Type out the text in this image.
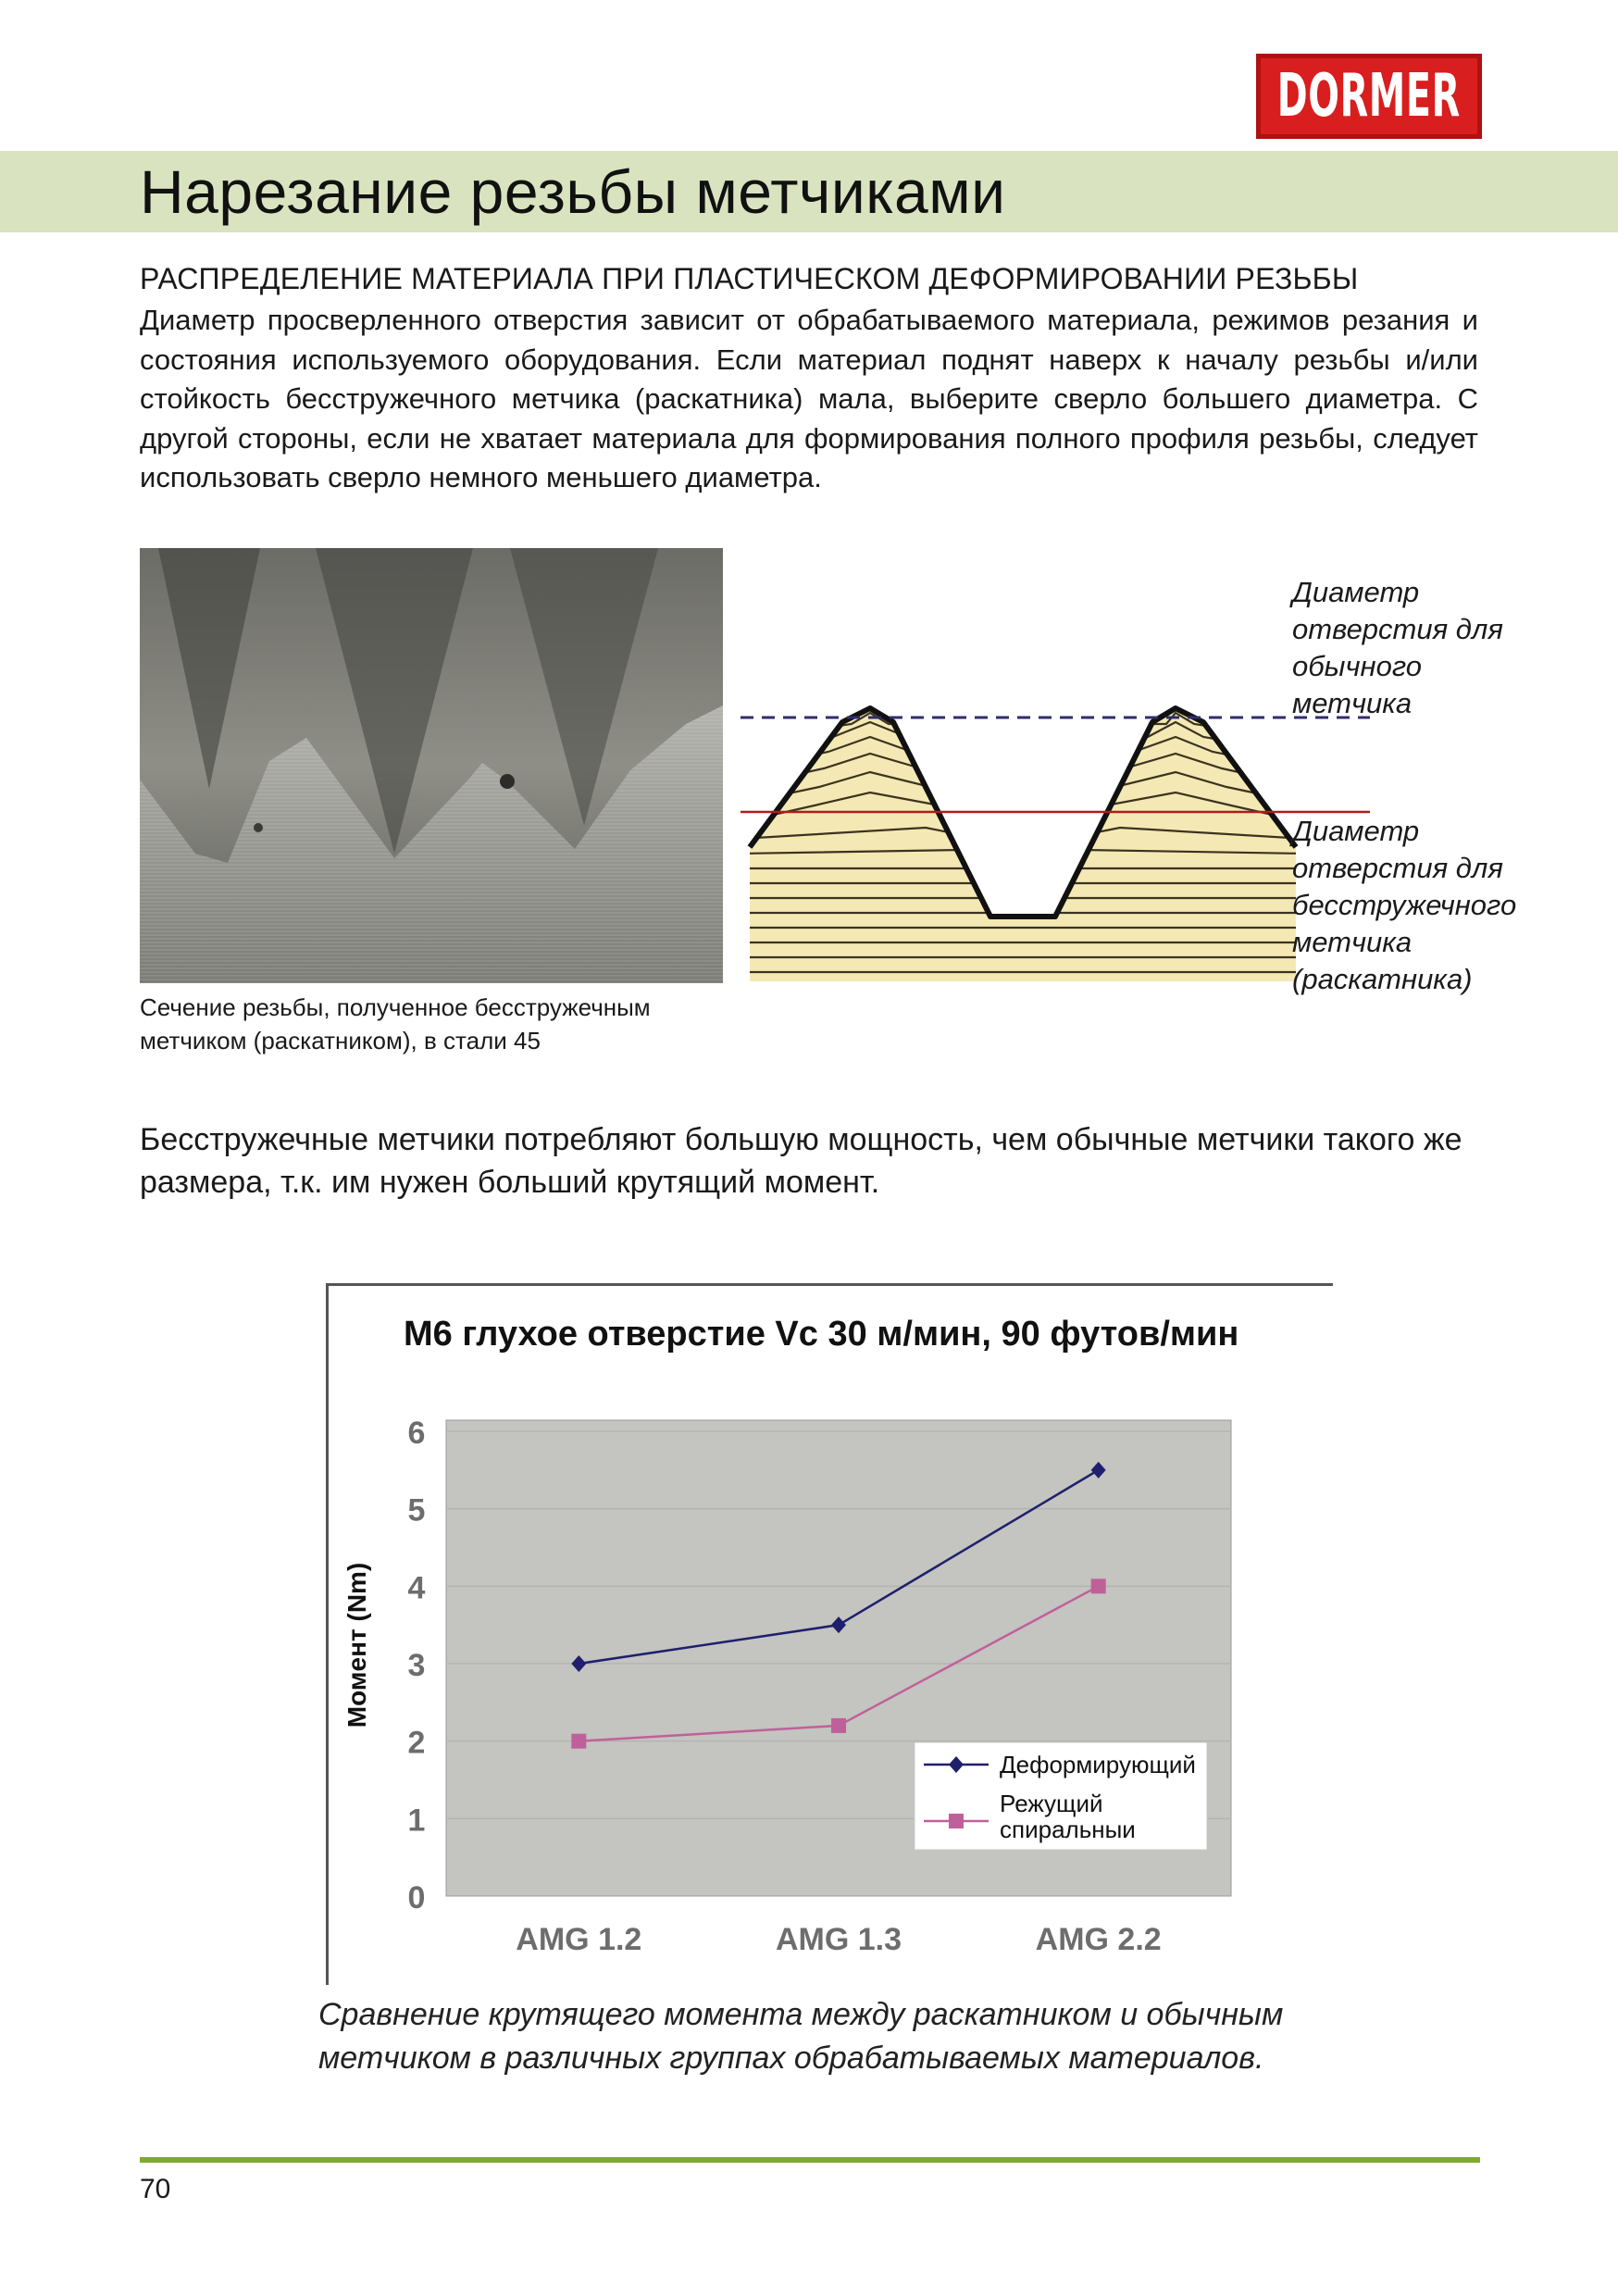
DORMER
Нарезание резьбы метчиками
РАСПРЕДЕЛЕНИЕ МАТЕРИАЛА ПРИ ПЛАСТИЧЕСКОМ ДЕФОРМИРОВАНИИ РЕЗЬБЫ
Диаметр просверленного отверстия зависит от обрабатываемого материала, режимов резания и состояния используемого оборудования. Если материал поднят наверх к началу резьбы и/или стойкость бесстружечного метчика (раскатника) мала, выберите сверло большего диаметра. С другой стороны, если не хватает материала для формирования полного профиля резьбы, следует использовать сверло немного меньшего диаметра.
Сечение резьбы, полученное бесстружечным метчиком (раскатником), в стали 45
Диаметр отверстия для обычного метчика
Диаметр отверстия для бесстружечного метчика (раскатника)
Бесстружечные метчики потребляют большую мощность, чем обычные метчики такого же размера, т.к. им нужен больший крутящий момент.
M6 глухое отверстие Vc 30 м/мин, 90 футов/мин
0
1
2
3
4
5
6
AMG 1.2	AMG 1.3	AMG 2.2
Момент (Nm)
Деформирующий
Режущий
спиральныи
Сравнение крутящего момента между раскатником и обычным метчиком в различных группах обрабатываемых материалов.
70
